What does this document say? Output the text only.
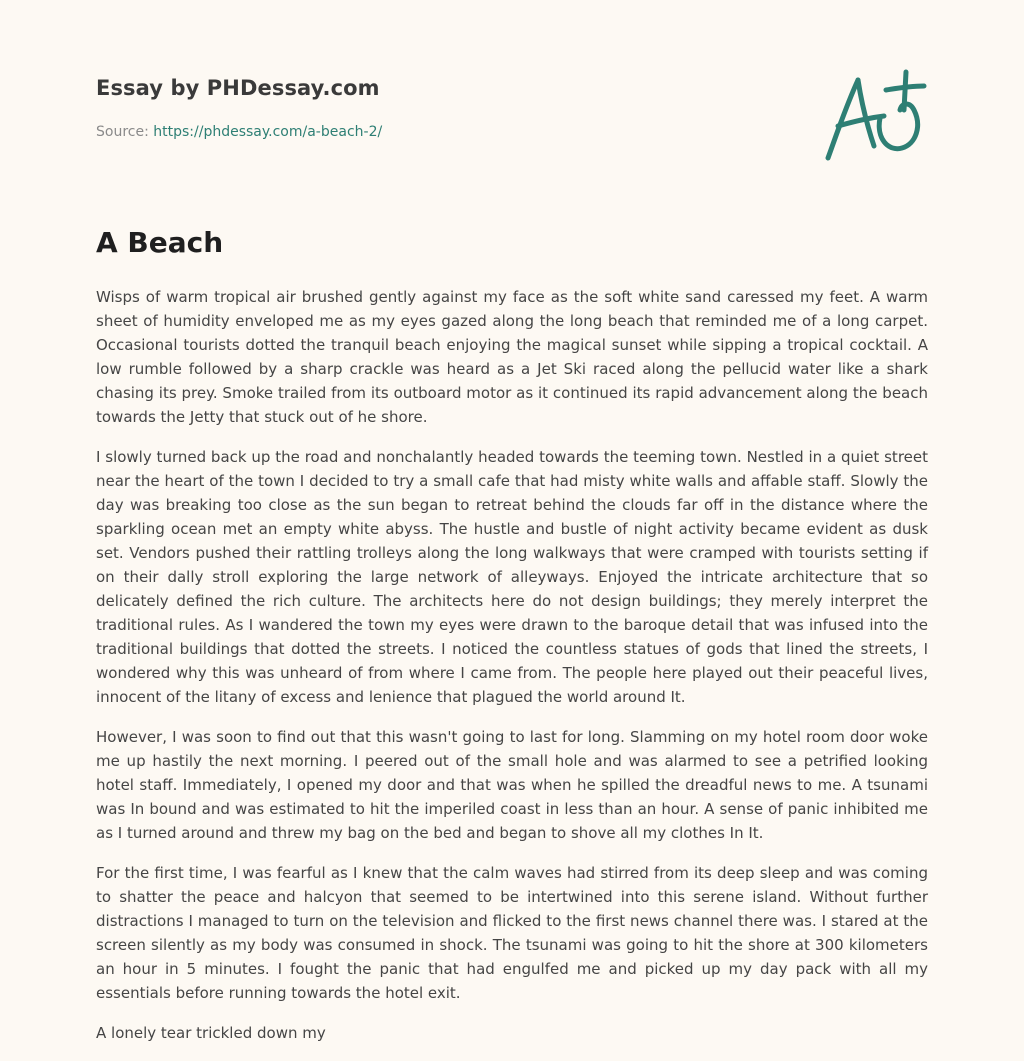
Essay by PHDessay.com
Source: https://phdessay.com/a-beach-2/
A Beach

Wisps of warm tropical air brushed gently against my face as the soft white sand caressed my feet. A warm sheet of humidity enveloped me as my eyes gazed along the long beach that reminded me of a long carpet. Occasional tourists dotted the tranquil beach enjoying the magical sunset while sipping a tropical cocktail. A low rumble followed by a sharp crackle was heard as a Jet Ski raced along the pellucid water like a shark chasing its prey. Smoke trailed from its outboard motor as it continued its rapid advancement along the beach towards the Jetty that stuck out of he shore.

I slowly turned back up the road and nonchalantly headed towards the teeming town. Nestled in a quiet street near the heart of the town I decided to try a small cafe that had misty white walls and affable staff. Slowly the day was breaking too close as the sun began to retreat behind the clouds far off in the distance where the sparkling ocean met an empty white abyss. The hustle and bustle of night activity became evident as dusk set. Vendors pushed their rattling trolleys along the long walkways that were cramped with tourists setting if on their dally stroll exploring the large network of alleyways. Enjoyed the intricate architecture that so delicately defined the rich culture. The architects here do not design buildings; they merely interpret the traditional rules. As I wandered the town my eyes were drawn to the baroque detail that was infused into the traditional buildings that dotted the streets. I noticed the countless statues of gods that lined the streets, I wondered why this was unheard of from where I came from. The people here played out their peaceful lives, innocent of the litany of excess and lenience that plagued the world around It.

However, I was soon to find out that this wasn't going to last for long. Slamming on my hotel room door woke me up hastily the next morning. I peered out of the small hole and was alarmed to see a petrified looking hotel staff. Immediately, I opened my door and that was when he spilled the dreadful news to me. A tsunami was In bound and was estimated to hit the imperiled coast in less than an hour. A sense of panic inhibited me as I turned around and threw my bag on the bed and began to shove all my clothes In It.

For the first time, I was fearful as I knew that the calm waves had stirred from its deep sleep and was coming to shatter the peace and halcyon that seemed to be intertwined into this serene island. Without further distractions I managed to turn on the television and flicked to the first news channel there was. I stared at the screen silently as my body was consumed in shock. The tsunami was going to hit the shore at 300 kilometers an hour in 5 minutes. I fought the panic that had engulfed me and picked up my day pack with all my essentials before running towards the hotel exit.

A lonely tear trickled down my
